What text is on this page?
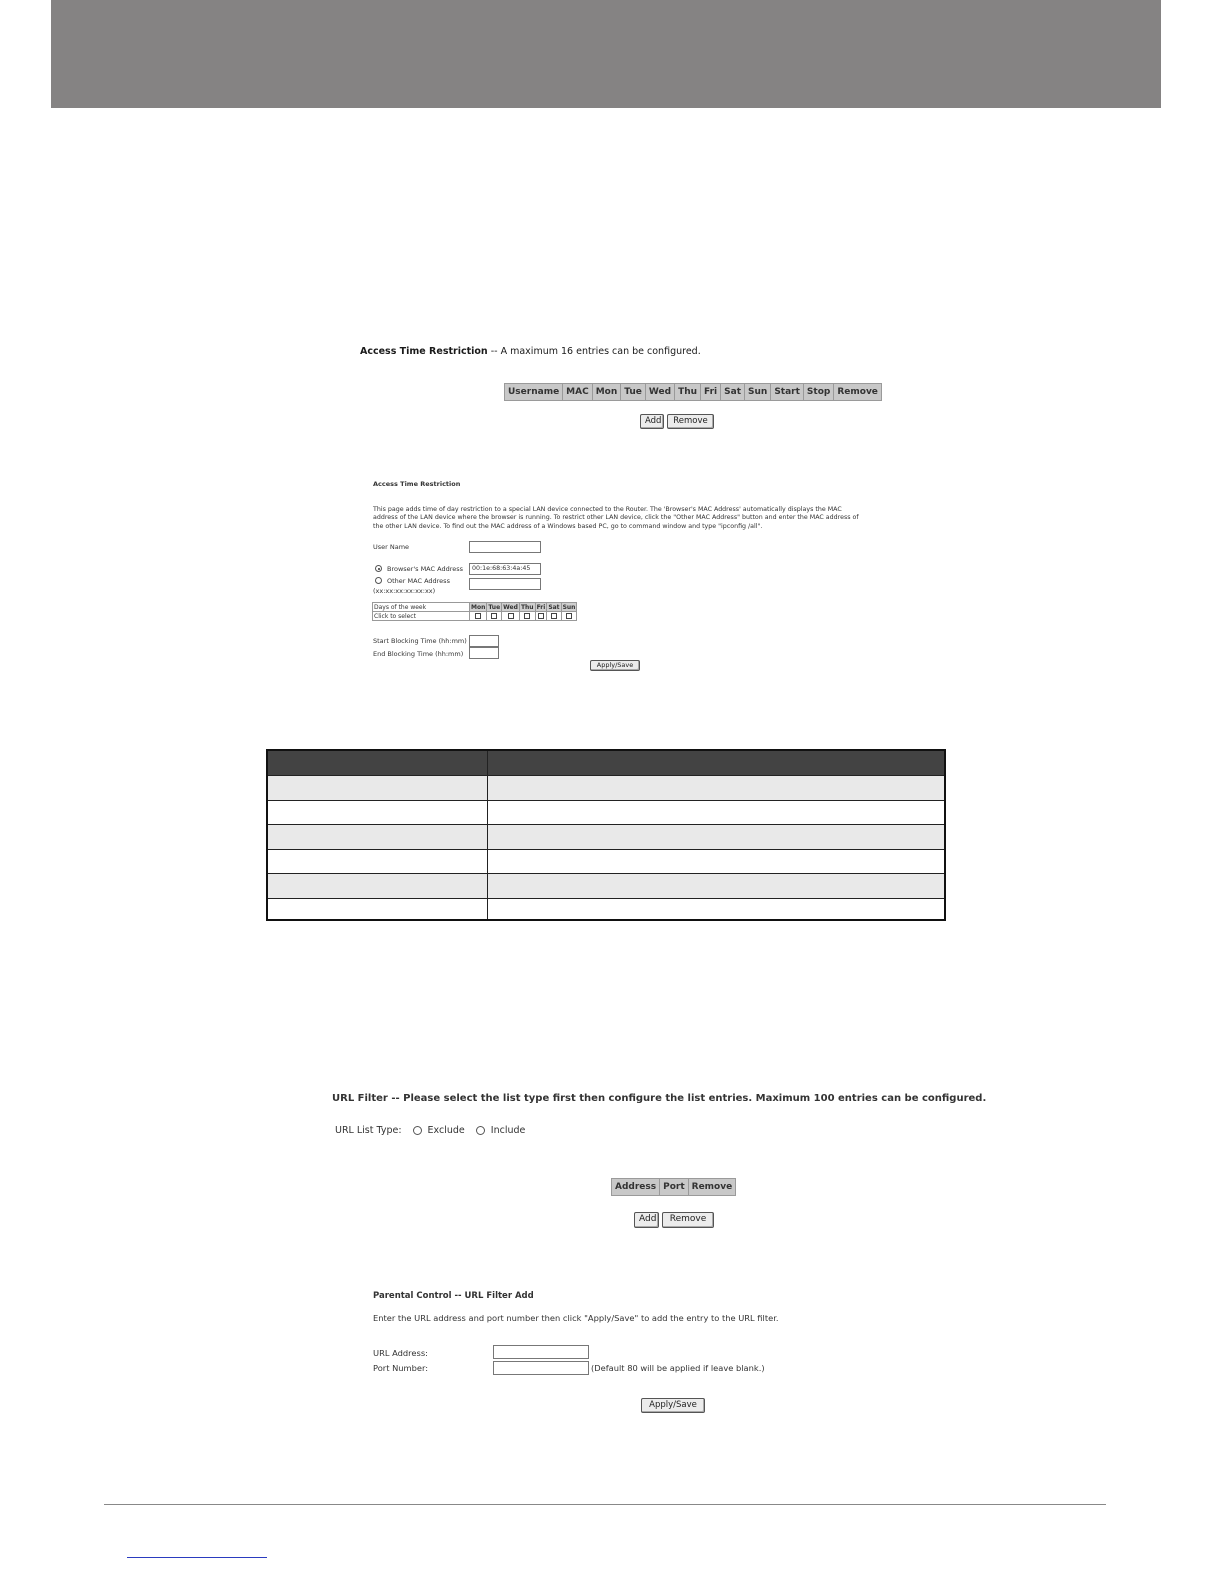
Access Time Restriction -- A maximum 16 entries can be configured.
Username	MAC	Mon	Tue	Wed	Thu	Fri	Sat	Sun	Start	Stop	Remove
Add	Remove
Access Time Restriction
This page adds time of day restriction to a special LAN device connected to the Router. The 'Browser's MAC Address' automatically displays the MAC address of the LAN device where the browser is running. To restrict other LAN device, click the "Other MAC Address" button and enter the MAC address of the other LAN device. To find out the MAC address of a Windows based PC, go to command window and type "ipconfig /all".
User Name
Browser's MAC Address	00:1e:68:63:4a:45
Other MAC Address
(xx:xx:xx:xx:xx:xx)
Days of the week	Mon	Tue	Wed	Thu	Fri	Sat	Sun
Click to select							
Start Blocking Time (hh:mm)
End Blocking Time (hh:mm)
Apply/Save
URL Filter -- Please select the list type first then configure the list entries. Maximum 100 entries can be configured.
URL List Type:	Exclude	Include
Address	Port	Remove
Add	Remove
Parental Control -- URL Filter Add
Enter the URL address and port number then click "Apply/Save" to add the entry to the URL filter.
URL Address:
Port Number:	(Default 80 will be applied if leave blank.)
Apply/Save
